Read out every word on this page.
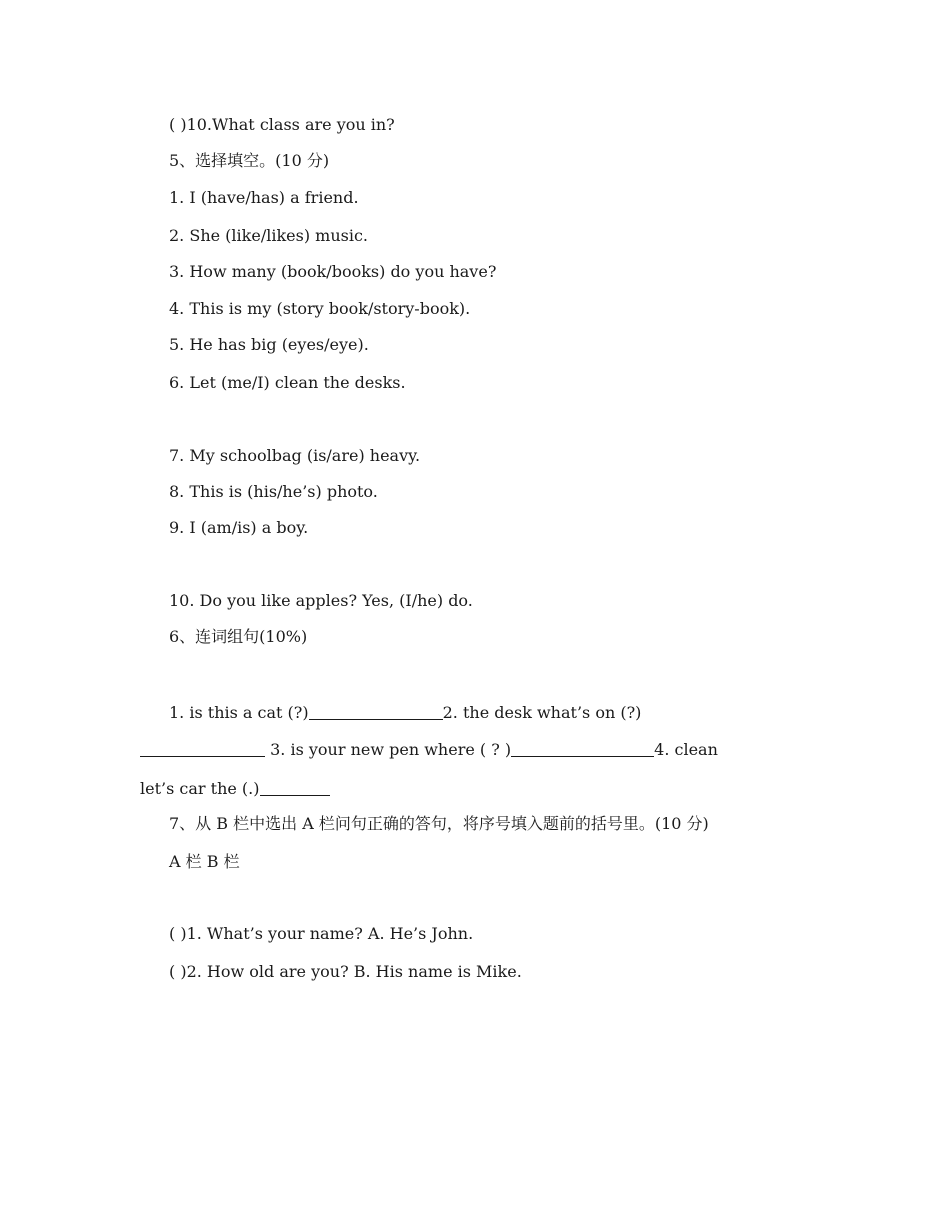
( )10.What class are you in?
5、选择填空。(10 分)
1. I (have/has) a friend.
2. She (like/likes) music.
3. How many (book/books) do you have?
4. This is my (story book/story-book).
5. He has big (eyes/eye).
6. Let (me/I) clean the desks.
7. My schoolbag (is/are) heavy.
8. This is (his/he’s) photo.
9. I (am/is) a boy.
10. Do you like apples? Yes, (I/he) do.
6、连词组句(10%)
1. is this a cat (?)	2. the desk what’s on (?)
3. is your new pen where ( ? )	4. clean
let’s car the (.)
7、从 B 栏中选出 A 栏问句正确的答句，将序号填入题前的括号里。(10 分)
A 栏 B 栏
( )1. What’s your name? A. He’s John.
( )2. How old are you? B. His name is Mike.
